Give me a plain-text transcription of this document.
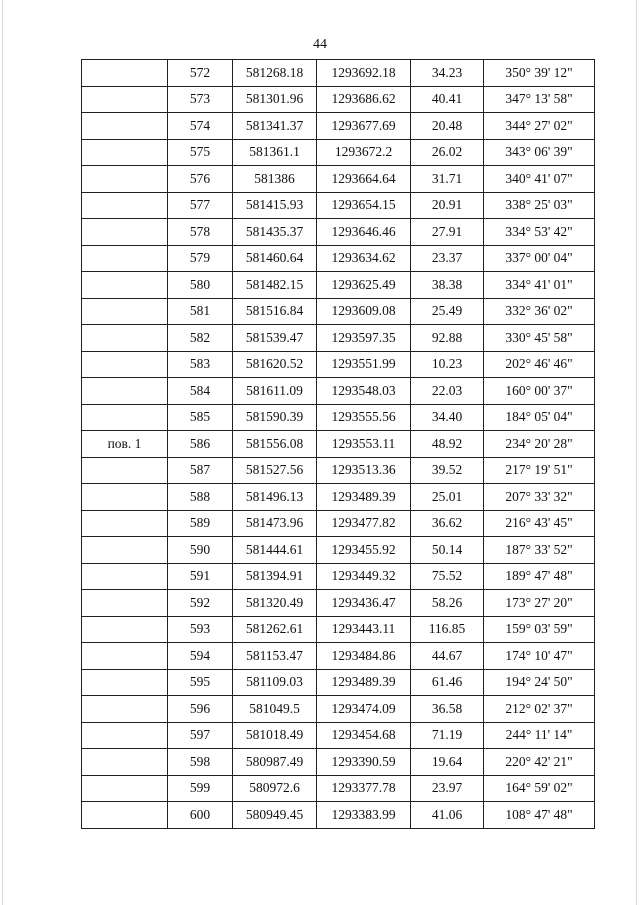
44
	572	581268.18	1293692.18	34.23	350° 39' 12"
	573	581301.96	1293686.62	40.41	347° 13' 58"
	574	581341.37	1293677.69	20.48	344° 27' 02"
	575	581361.1	1293672.2	26.02	343° 06' 39"
	576	581386	1293664.64	31.71	340° 41' 07"
	577	581415.93	1293654.15	20.91	338° 25' 03"
	578	581435.37	1293646.46	27.91	334° 53' 42"
	579	581460.64	1293634.62	23.37	337° 00' 04"
	580	581482.15	1293625.49	38.38	334° 41' 01"
	581	581516.84	1293609.08	25.49	332° 36' 02"
	582	581539.47	1293597.35	92.88	330° 45' 58"
	583	581620.52	1293551.99	10.23	202° 46' 46"
	584	581611.09	1293548.03	22.03	160° 00' 37"
	585	581590.39	1293555.56	34.40	184° 05' 04"
пов. 1	586	581556.08	1293553.11	48.92	234° 20' 28"
	587	581527.56	1293513.36	39.52	217° 19' 51"
	588	581496.13	1293489.39	25.01	207° 33' 32"
	589	581473.96	1293477.82	36.62	216° 43' 45"
	590	581444.61	1293455.92	50.14	187° 33' 52"
	591	581394.91	1293449.32	75.52	189° 47' 48"
	592	581320.49	1293436.47	58.26	173° 27' 20"
	593	581262.61	1293443.11	116.85	159° 03' 59"
	594	581153.47	1293484.86	44.67	174° 10' 47"
	595	581109.03	1293489.39	61.46	194° 24' 50"
	596	581049.5	1293474.09	36.58	212° 02' 37"
	597	581018.49	1293454.68	71.19	244° 11' 14"
	598	580987.49	1293390.59	19.64	220° 42' 21"
	599	580972.6	1293377.78	23.97	164° 59' 02"
	600	580949.45	1293383.99	41.06	108° 47' 48"
